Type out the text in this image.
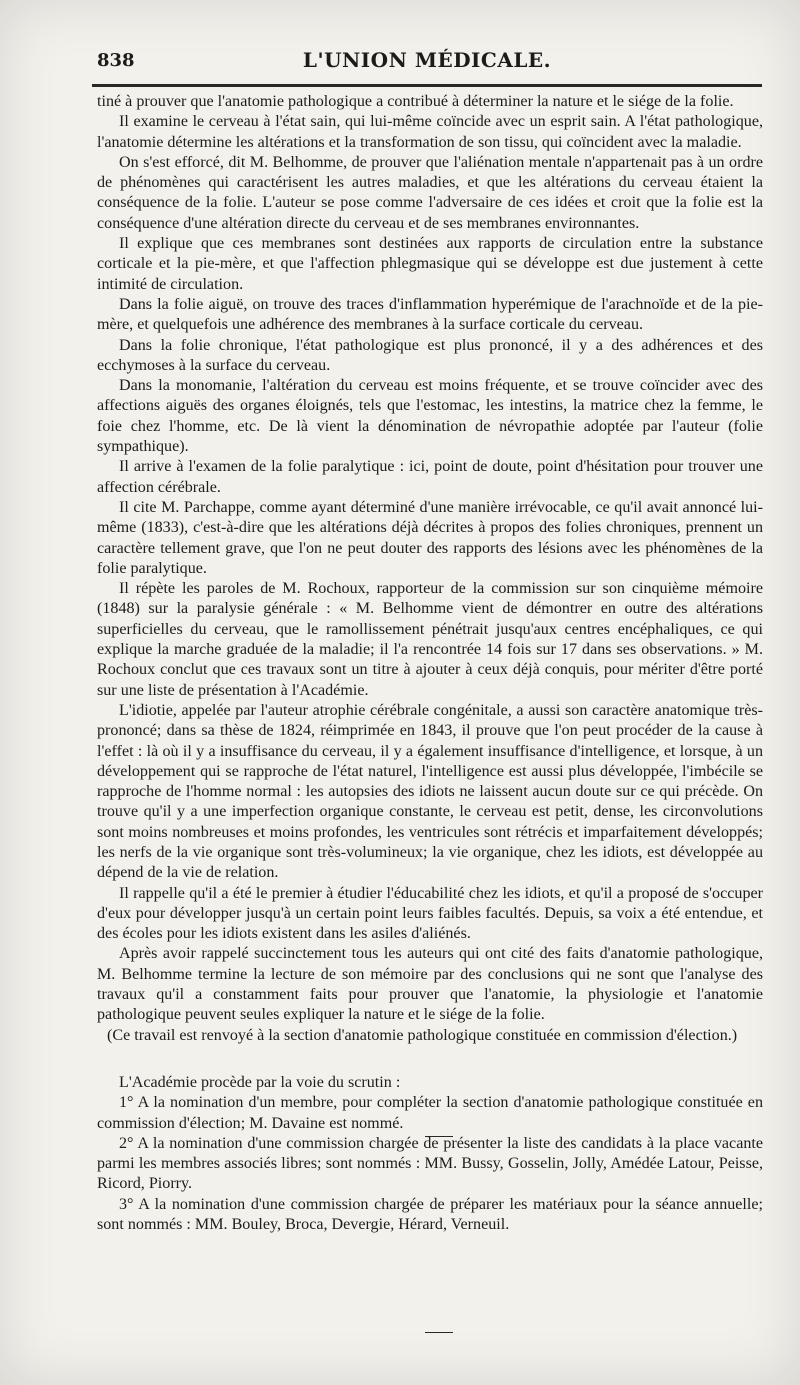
838	L'UNION MÉDICALE.

tiné à prouver que l'anatomie pathologique a contribué à déterminer la nature et le siége de la folie.

Il examine le cerveau à l'état sain, qui lui-même coïncide avec un esprit sain. A l'état pathologique, l'anatomie détermine les altérations et la transformation de son tissu, qui coïncident avec la maladie.

On s'est efforcé, dit M. Belhomme, de prouver que l'aliénation mentale n'appartenait pas à un ordre de phénomènes qui caractérisent les autres maladies, et que les altérations du cerveau étaient la conséquence de la folie. L'auteur se pose comme l'adversaire de ces idées et croit que la folie est la conséquence d'une altération directe du cerveau et de ses membranes environnantes.

Il explique que ces membranes sont destinées aux rapports de circulation entre la substance corticale et la pie-mère, et que l'affection phlegmasique qui se développe est due justement à cette intimité de circulation.

Dans la folie aiguë, on trouve des traces d'inflammation hyperémique de l'arachnoïde et de la pie-mère, et quelquefois une adhérence des membranes à la surface corticale du cerveau.

Dans la folie chronique, l'état pathologique est plus prononcé, il y a des adhérences et des ecchymoses à la surface du cerveau.

Dans la monomanie, l'altération du cerveau est moins fréquente, et se trouve coïncider avec des affections aiguës des organes éloignés, tels que l'estomac, les intestins, la matrice chez la femme, le foie chez l'homme, etc. De là vient la dénomination de névropathie adoptée par l'auteur (folie sympathique).

Il arrive à l'examen de la folie paralytique : ici, point de doute, point d'hésitation pour trouver une affection cérébrale.

Il cite M. Parchappe, comme ayant déterminé d'une manière irrévocable, ce qu'il avait annoncé lui-même (1833), c'est-à-dire que les altérations déjà décrites à propos des folies chroniques, prennent un caractère tellement grave, que l'on ne peut douter des rapports des lésions avec les phénomènes de la folie paralytique.

Il répète les paroles de M. Rochoux, rapporteur de la commission sur son cinquième mémoire (1848) sur la paralysie générale : « M. Belhomme vient de démontrer en outre des altérations superficielles du cerveau, que le ramollissement pénétrait jusqu'aux centres encéphaliques, ce qui explique la marche graduée de la maladie; il l'a rencontrée 14 fois sur 17 dans ses observations. » M. Rochoux conclut que ces travaux sont un titre à ajouter à ceux déjà conquis, pour mériter d'être porté sur une liste de présentation à l'Académie.

L'idiotie, appelée par l'auteur atrophie cérébrale congénitale, a aussi son caractère anatomique très-prononcé; dans sa thèse de 1824, réimprimée en 1843, il prouve que l'on peut procéder de la cause à l'effet : là où il y a insuffisance du cerveau, il y a également insuffisance d'intelligence, et lorsque, à un développement qui se rapproche de l'état naturel, l'intelligence est aussi plus développée, l'imbécile se rapproche de l'homme normal : les autopsies des idiots ne laissent aucun doute sur ce qui précède. On trouve qu'il y a une imperfection organique constante, le cerveau est petit, dense, les circonvolutions sont moins nombreuses et moins profondes, les ventricules sont rétrécis et imparfaitement développés; les nerfs de la vie organique sont très-volumineux; la vie organique, chez les idiots, est développée au dépend de la vie de relation.

Il rappelle qu'il a été le premier à étudier l'éducabilité chez les idiots, et qu'il a proposé de s'occuper d'eux pour développer jusqu'à un certain point leurs faibles facultés. Depuis, sa voix a été entendue, et des écoles pour les idiots existent dans les asiles d'aliénés.

Après avoir rappelé succinctement tous les auteurs qui ont cité des faits d'anatomie pathologique, M. Belhomme termine la lecture de son mémoire par des conclusions qui ne sont que l'analyse des travaux qu'il a constamment faits pour prouver que l'anatomie, la physiologie et l'anatomie pathologique peuvent seules expliquer la nature et le siége de la folie.

(Ce travail est renvoyé à la section d'anatomie pathologique constituée en commission d'élection.)

L'Académie procède par la voie du scrutin :

1° A la nomination d'un membre, pour compléter la section d'anatomie pathologique constituée en commission d'élection; M. Davaine est nommé.

2° A la nomination d'une commission chargée de présenter la liste des candidats à la place vacante parmi les membres associés libres; sont nommés : MM. Bussy, Gosselin, Jolly, Amédée Latour, Peisse, Ricord, Piorry.

3° A la nomination d'une commission chargée de préparer les matériaux pour la séance annuelle; sont nommés : MM. Bouley, Broca, Devergie, Hérard, Verneuil.
